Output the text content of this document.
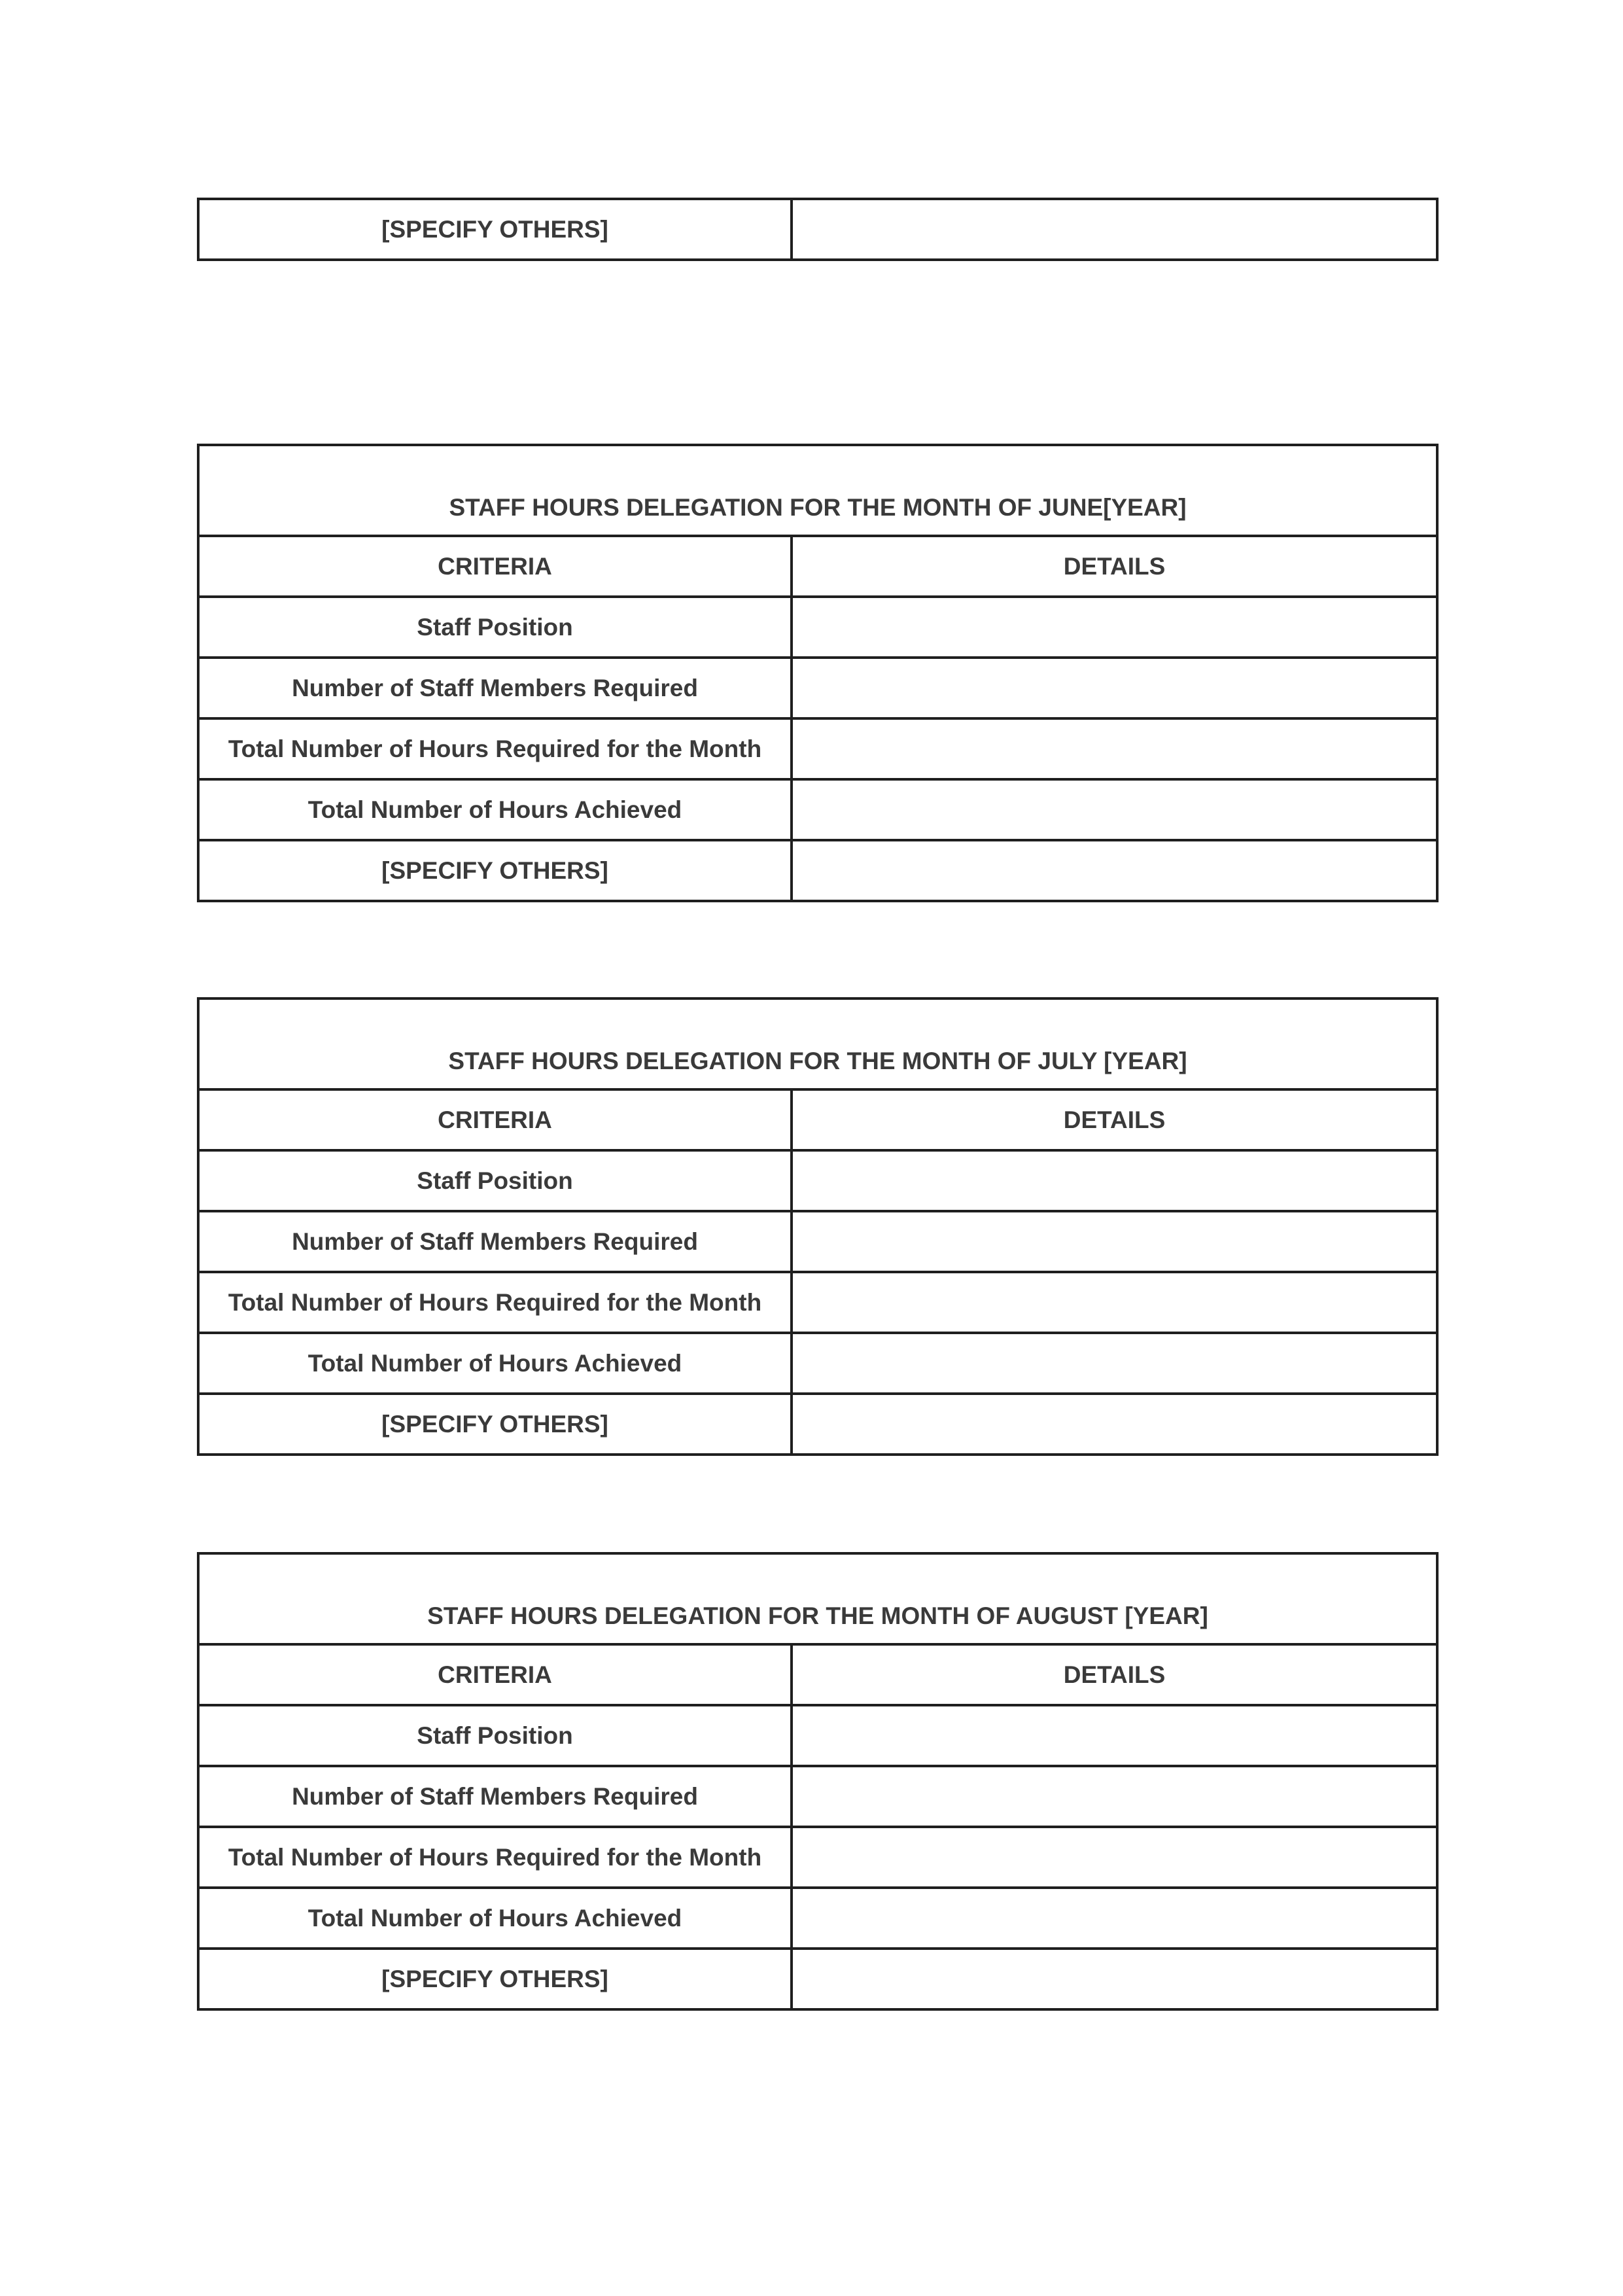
[SPECIFY OTHERS]	
STAFF HOURS DELEGATION FOR THE MONTH OF JUNE[YEAR]	
CRITERIA	DETAILS
Staff Position	
Number of Staff Members Required	
Total Number of Hours Required for the Month	
Total Number of Hours Achieved	
[SPECIFY OTHERS]	
STAFF HOURS DELEGATION FOR THE MONTH OF JULY [YEAR]	
CRITERIA	DETAILS
Staff Position	
Number of Staff Members Required	
Total Number of Hours Required for the Month	
Total Number of Hours Achieved	
[SPECIFY OTHERS]	
STAFF HOURS DELEGATION FOR THE MONTH OF AUGUST [YEAR]	
CRITERIA	DETAILS
Staff Position	
Number of Staff Members Required	
Total Number of Hours Required for the Month	
Total Number of Hours Achieved	
[SPECIFY OTHERS]	
